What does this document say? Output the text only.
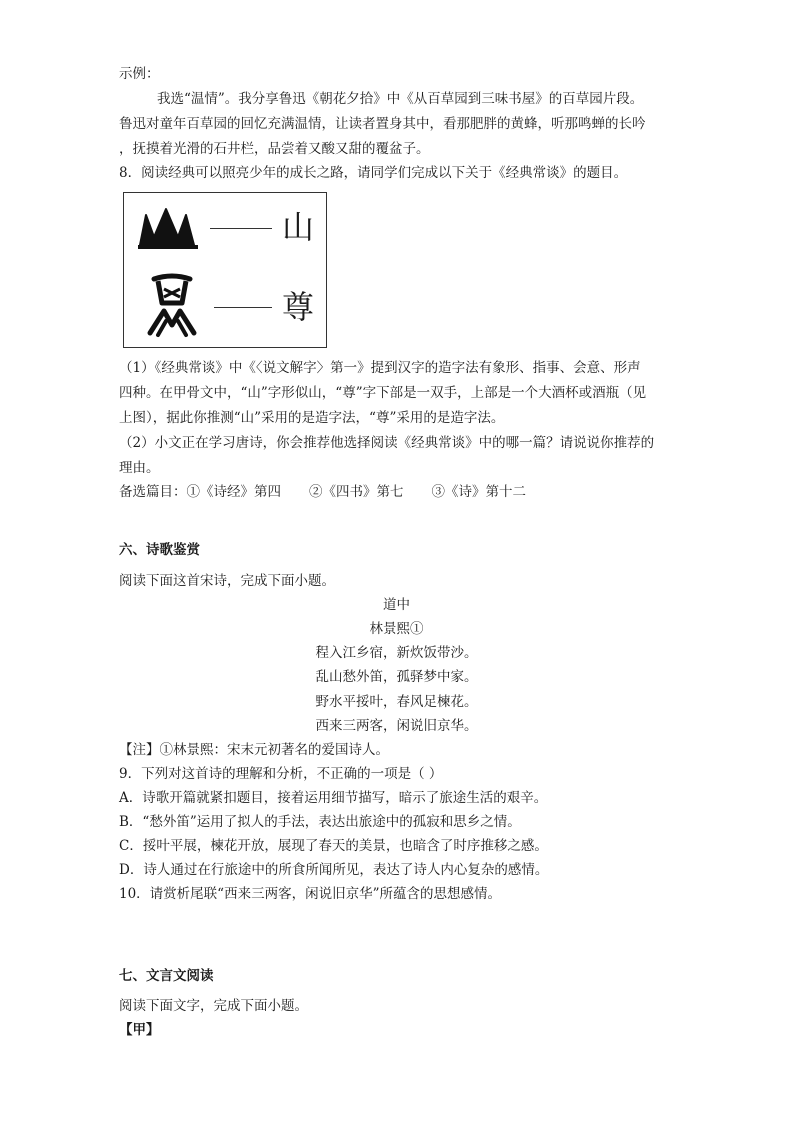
示例：
我选“温情”。我分享鲁迅《朝花夕拾》中《从百草园到三味书屋》的百草园片段。
鲁迅对童年百草园的回忆充满温情，让读者置身其中，看那肥胖的黄蜂，听那鸣蝉的长吟
，抚摸着光滑的石井栏，品尝着又酸又甜的覆盆子。
8．阅读经典可以照亮少年的成长之路，请同学们完成以下关于《经典常谈》的题目。
山
尊
（1）《经典常谈》中《〈说文解字〉第一》提到汉字的造字法有象形、指事、会意、形声
四种。在甲骨文中，“山”字形似山，“尊”字下部是一双手，上部是一个大酒杯或酒瓶（见
上图），据此你推测“山”采用的是造字法，“尊”采用的是造字法。
（2）小文正在学习唐诗，你会推荐他选择阅读《经典常谈》中的哪一篇？请说说你推荐的
理由。
备选篇目：①《诗经》第四 ②《四书》第七 ③《诗》第十二
六、诗歌鉴赏
阅读下面这首宋诗，完成下面小题。
道中
林景熙①
程入江乡宿，新炊饭带沙。
乱山愁外笛，孤驿梦中家。
野水平挼叶，春风足楝花。
西来三两客，闲说旧京华。
【注】①林景熙：宋末元初著名的爱国诗人。
9．下列对这首诗的理解和分析，不正确的一项是（ ）
A．诗歌开篇就紧扣题目，接着运用细节描写，暗示了旅途生活的艰辛。
B．“愁外笛”运用了拟人的手法，表达出旅途中的孤寂和思乡之情。
C．挼叶平展，楝花开放，展现了春天的美景，也暗含了时序推移之感。
D．诗人通过在行旅途中的所食所闻所见，表达了诗人内心复杂的感情。
10．请赏析尾联“西来三两客，闲说旧京华”所蕴含的思想感情。
七、文言文阅读
阅读下面文字，完成下面小题。
【甲】
